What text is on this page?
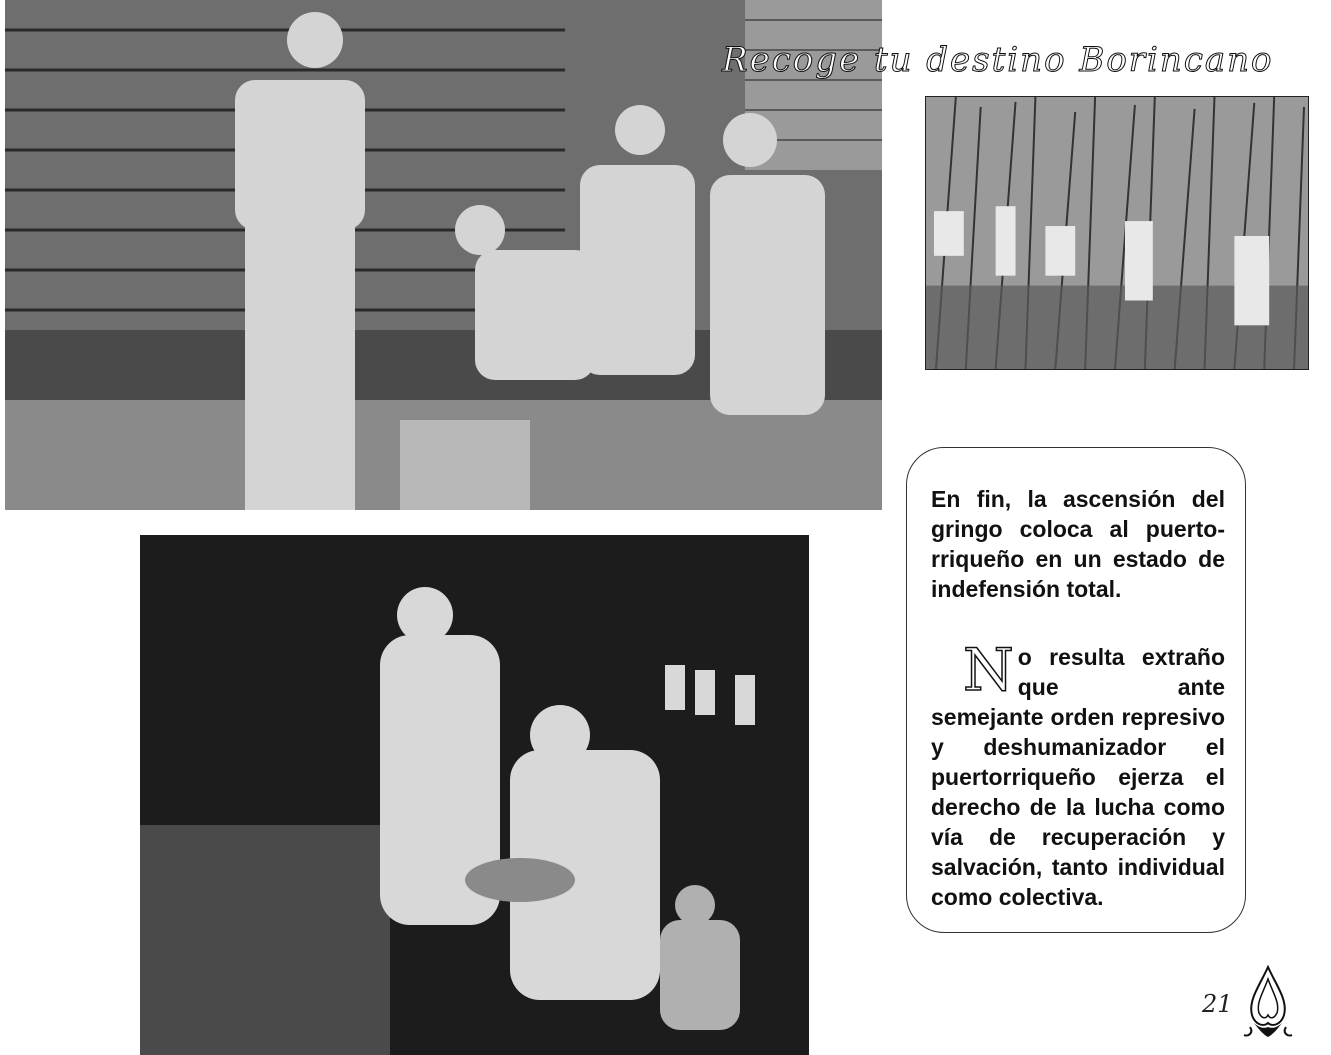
Recoge tu destino Borincano

En fin, la ascensión del gringo coloca al puerto-rriqueño en un estado de indefensión total.

N o resulta extraño que ante semejante orden represivo y deshumanizador el puertorriqueño ejerza el derecho de la lucha como vía de recuperación y salvación, tanto individual como colectiva.

21
